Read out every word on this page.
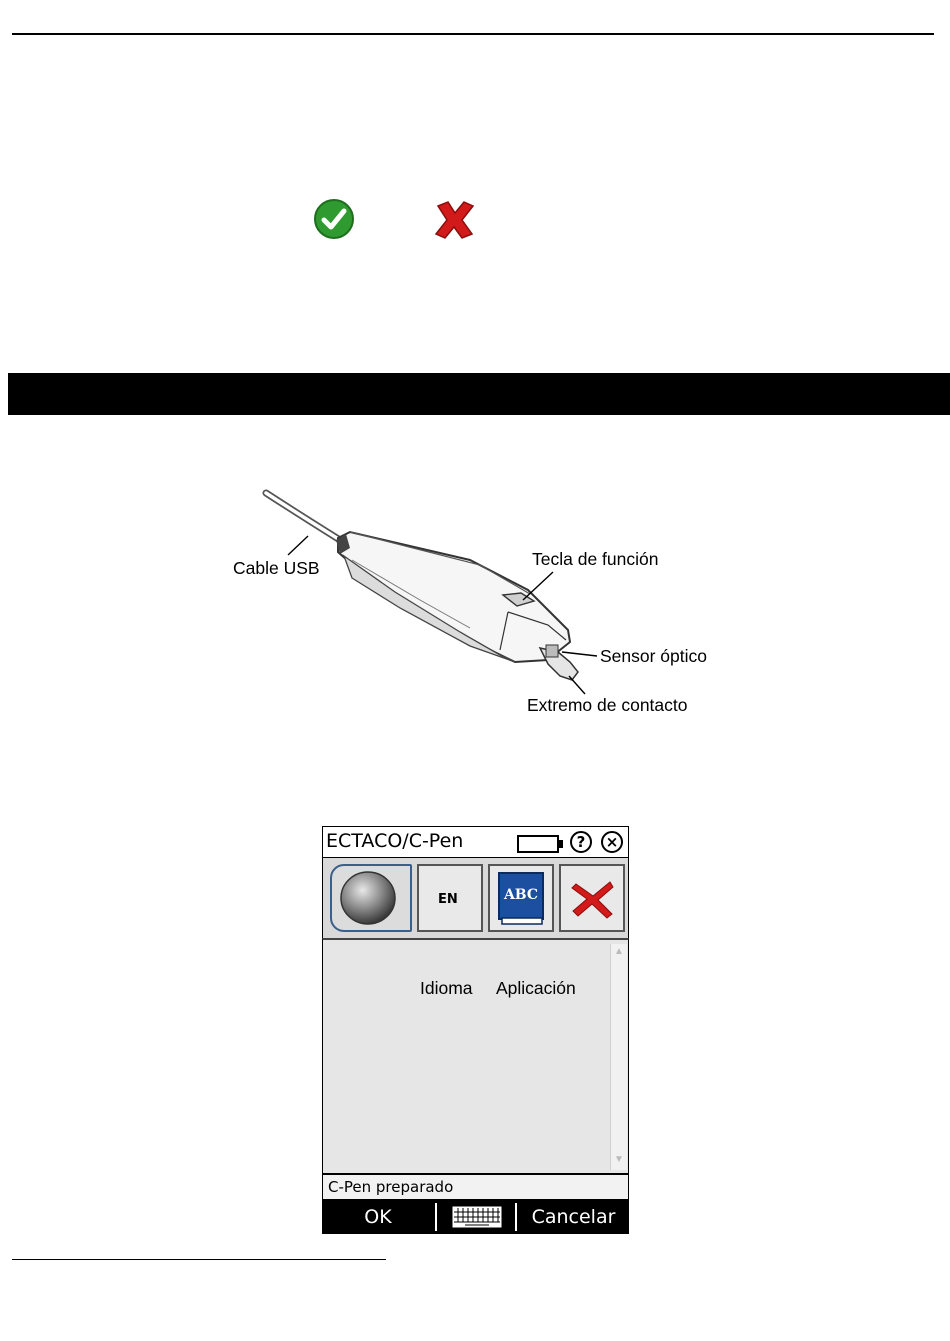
Cable USB	Tecla de función
Sensor óptico
Extremo de contacto
ECTACO/C-Pen	?	×
EN	ABC
▲
▼
C-Pen preparado
OK	Cancelar
Idioma Aplicación
